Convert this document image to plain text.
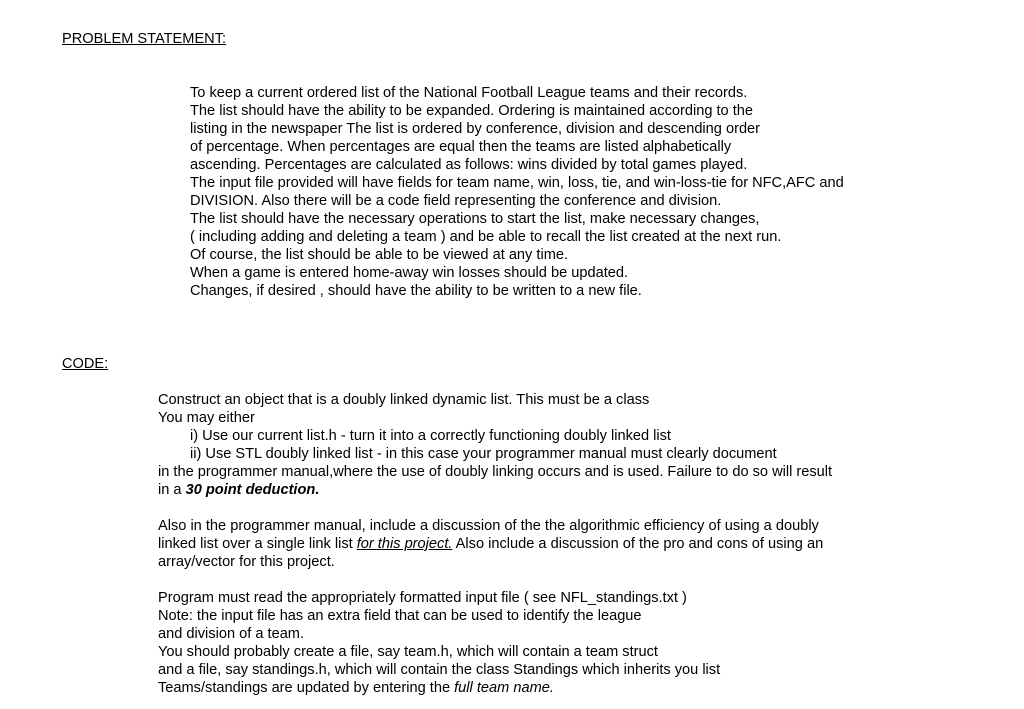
PROBLEM STATEMENT:
To keep a current ordered list of the National Football League teams and their records.
The list should have the ability to be expanded. Ordering is maintained according to the
listing in the newspaper The list is ordered by conference, division and descending order
of percentage. When percentages are equal then the teams are listed alphabetically
ascending. Percentages are calculated as follows: wins divided by total games played.
The input file provided will have fields for team name, win, loss, tie, and win-loss-tie for NFC,AFC and
DIVISION. Also there will be a code field representing the conference and division.
The list should have the necessary operations to start the list, make necessary changes,
( including adding and deleting a team ) and be able to recall the list created at the next run.
Of course, the list should be able to be viewed at any time.
When a game is entered home-away win losses should be updated.
Changes, if desired , should have the ability to be written to a new file.
CODE:
Construct an object that is a doubly linked dynamic list. This must be a class
You may either
i) Use our current list.h - turn it into a correctly functioning doubly linked list
ii) Use STL doubly linked list - in this case your programmer manual must clearly document
in the programmer manual,where the use of doubly linking occurs and is used. Failure to do so will result
in a 30 point deduction.
Also in the programmer manual, include a discussion of the the algorithmic efficiency of using a doubly
linked list over a single link list for this project. Also include a discussion of the pro and cons of using an
array/vector for this project.
Program must read the appropriately formatted input file ( see NFL_standings.txt )
Note: the input file has an extra field that can be used to identify the league
and division of a team.
You should probably create a file, say team.h, which will contain a team struct
and a file, say standings.h, which will contain the class Standings which inherits you list
Teams/standings are updated by entering the full team name.
